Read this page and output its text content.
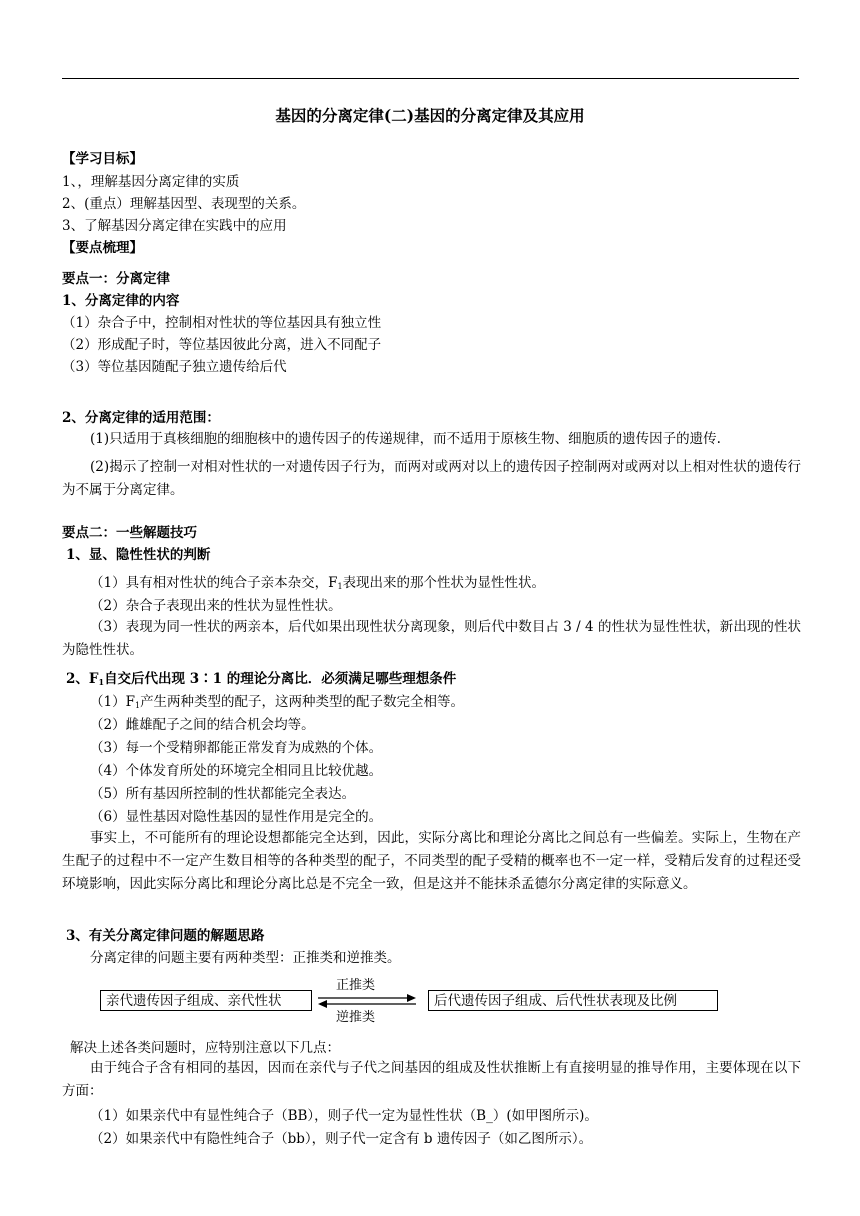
基因的分离定律(二)基因的分离定律及其应用
【学习目标】
1、，理解基因分离定律的实质
2、(重点）理解基因型、表现型的关系。
3、了解基因分离定律在实践中的应用
【要点梳理】
要点一：分离定律
1、分离定律的内容
（1）杂合子中，控制相对性状的等位基因具有独立性
（2）形成配子时，等位基因彼此分离，进入不同配子
（3）等位基因随配子独立遗传给后代
2、分离定律的适用范围：
(1)只适用于真核细胞的细胞核中的遗传因子的传递规律，而不适用于原核生物、细胞质的遗传因子的遗传.
(2)揭示了控制一对相对性状的一对遗传因子行为，而两对或两对以上的遗传因子控制两对或两对以上相对性状的遗传行为不属于分离定律。
要点二：一些解题技巧
1、显、隐性性状的判断
（1）具有相对性状的纯合子亲本杂交，$F_1$表现出来的那个性状为显性性状。
（2）杂合子表现出来的性状为显性性状。
（3）表现为同一性状的两亲本，后代如果出现性状分离现象，则后代中数目占 3 / 4 的性状为显性性状，新出现的性状为隐性性状。
2、$F_1$自交后代出现 3∶1 的理论分离比．必须满足哪些理想条件
$(1)F_1$产生两种类型的配子，这两种类型的配子数完全相等。
（2）雌雄配子之间的结合机会均等。
（3）每一个受精卵都能正常发育为成熟的个体。
（4）个体发育所处的环境完全相同且比较优越。
（5）所有基因所控制的性状都能完全表达。
（6）显性基因对隐性基因的显性作用是完全的。
事实上，不可能所有的理论设想都能完全达到，因此，实际分离比和理论分离比之间总有一些偏差。实际上，生物在产生配子的过程中不一定产生数目相等的各种类型的配子，不同类型的配子受精的概率也不一定一样，受精后发育的过程还受环境影响，因此实际分离比和理论分离比总是不完全一致，但是这并不能抹杀孟德尔分离定律的实际意义。
3、有关分离定律问题的解题思路
分离定律的问题主要有两种类型：正推类和逆推类。
亲代遗传因子组成、亲代性状
正推类
逆推类
后代遗传因子组成、后代性状表现及比例
解决上述各类问题时，应特别注意以下几点：
由于纯合子含有相同的基因，因而在亲代与子代之间基因的组成及性状推断上有直接明显的推导作用，主要体现在以下方面：
（1）如果亲代中有显性纯合子（BB），则子代一定为显性性状（B_）(如甲图所示)。
（2）如果亲代中有隐性纯合子（bb），则子代一定含有 b 遗传因子（如乙图所示）。
